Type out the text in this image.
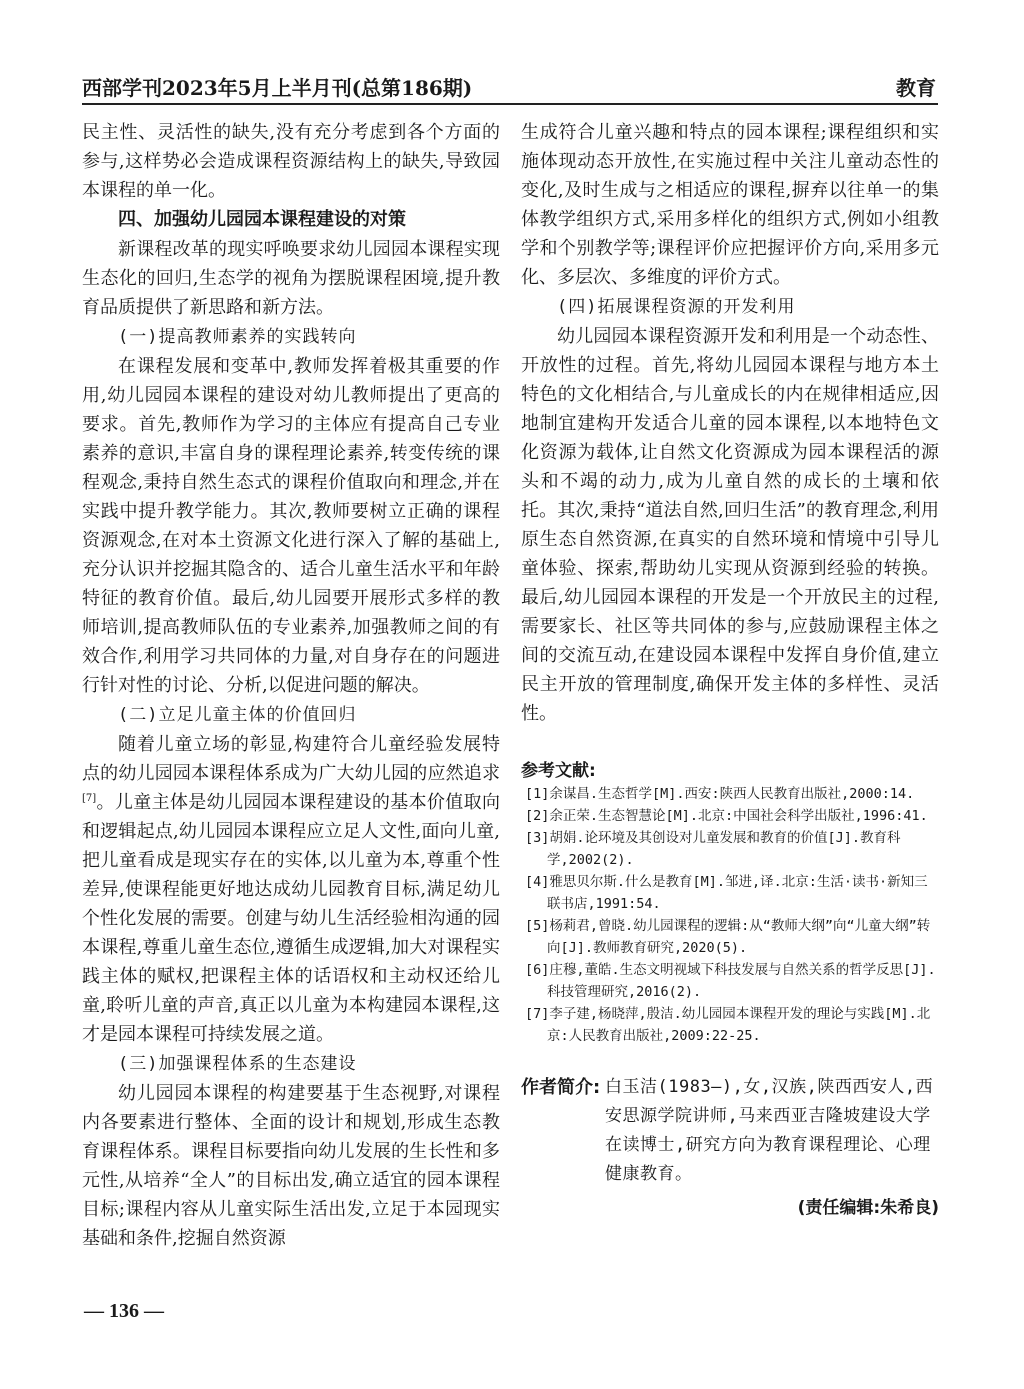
西部学刊2023年5月上半月刊(总第186期)	教育

民主性、灵活性的缺失,没有充分考虑到各个方面的参与,这样势必会造成课程资源结构上的缺失,导致园本课程的单一化。

四、加强幼儿园园本课程建设的对策

新课程改革的现实呼唤要求幼儿园园本课程实现生态化的回归,生态学的视角为摆脱课程困境,提升教育品质提供了新思路和新方法。

(一)提高教师素养的实践转向

在课程发展和变革中,教师发挥着极其重要的作用,幼儿园园本课程的建设对幼儿教师提出了更高的要求。首先,教师作为学习的主体应有提高自己专业素养的意识,丰富自身的课程理论素养,转变传统的课程观念,秉持自然生态式的课程价值取向和理念,并在实践中提升教学能力。其次,教师要树立正确的课程资源观念,在对本土资源文化进行深入了解的基础上,充分认识并挖掘其隐含的、适合儿童生活水平和年龄特征的教育价值。最后,幼儿园要开展形式多样的教师培训,提高教师队伍的专业素养,加强教师之间的有效合作,利用学习共同体的力量,对自身存在的问题进行针对性的讨论、分析,以促进问题的解决。

(二)立足儿童主体的价值回归

随着儿童立场的彰显,构建符合儿童经验发展特点的幼儿园园本课程体系成为广大幼儿园的应然追求[7]。儿童主体是幼儿园园本课程建设的基本价值取向和逻辑起点,幼儿园园本课程应立足人文性,面向儿童,把儿童看成是现实存在的实体,以儿童为本,尊重个性差异,使课程能更好地达成幼儿园教育目标,满足幼儿个性化发展的需要。创建与幼儿生活经验相沟通的园本课程,尊重儿童生态位,遵循生成逻辑,加大对课程实践主体的赋权,把课程主体的话语权和主动权还给儿童,聆听儿童的声音,真正以儿童为本构建园本课程,这才是园本课程可持续发展之道。

(三)加强课程体系的生态建设

幼儿园园本课程的构建要基于生态视野,对课程内各要素进行整体、全面的设计和规划,形成生态教育课程体系。课程目标要指向幼儿发展的生长性和多元性,从培养“全人”的目标出发,确立适宜的园本课程目标;课程内容从儿童实际生活出发,立足于本园现实基础和条件,挖掘自然资源

生成符合儿童兴趣和特点的园本课程;课程组织和实施体现动态开放性,在实施过程中关注儿童动态性的变化,及时生成与之相适应的课程,摒弃以往单一的集体教学组织方式,采用多样化的组织方式,例如小组教学和个别教学等;课程评价应把握评价方向,采用多元化、多层次、多维度的评价方式。

(四)拓展课程资源的开发利用

幼儿园园本课程资源开发和利用是一个动态性、开放性的过程。首先,将幼儿园园本课程与地方本土特色的文化相结合,与儿童成长的内在规律相适应,因地制宜建构开发适合儿童的园本课程,以本地特色文化资源为载体,让自然文化资源成为园本课程活的源头和不竭的动力,成为儿童自然的成长的土壤和依托。其次,秉持“道法自然,回归生活”的教育理念,利用原生态自然资源,在真实的自然环境和情境中引导儿童体验、探索,帮助幼儿实现从资源到经验的转换。最后,幼儿园园本课程的开发是一个开放民主的过程,需要家长、社区等共同体的参与,应鼓励课程主体之间的交流互动,在建设园本课程中发挥自身价值,建立民主开放的管理制度,确保开发主体的多样性、灵活性。

参考文献:

[1]余谋昌.生态哲学[M].西安:陕西人民教育出版社,2000:14.

[2]余正荣.生态智慧论[M].北京:中国社会科学出版社,1996:41.

[3]胡娟.论环境及其创设对儿童发展和教育的价值[J].教育科学,2002(2).

[4]雅思贝尔斯.什么是教育[M].邹进,译.北京:生活·读书·新知三联书店,1991:54.

[5]杨莉君,曾晓.幼儿园课程的逻辑:从“教师大纲”向“儿童大纲”转向[J].教师教育研究,2020(5).

[6]庄穆,董皓.生态文明视域下科技发展与自然关系的哲学反思[J].科技管理研究,2016(2).

[7]李子建,杨晓萍,殷洁.幼儿园园本课程开发的理论与实践[M].北京:人民教育出版社,2009:22-25.

作者简介: 白玉洁(1983—),女,汉族,陕西西安人,西安思源学院讲师,马来西亚吉隆坡建设大学在读博士,研究方向为教育课程理论、心理健康教育。
(责任编辑:朱希良)
— 136 —
